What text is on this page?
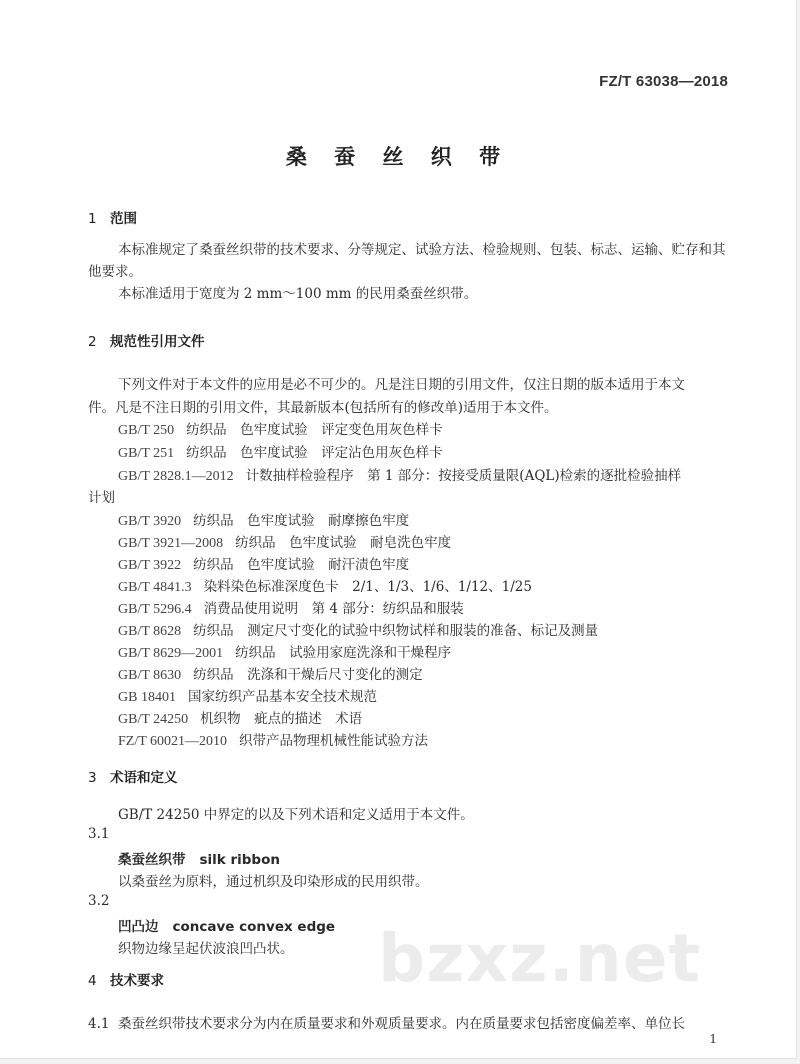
FZ/T 63038—2018
桑 蚕 丝 织 带
1 范围
本标准规定了桑蚕丝织带的技术要求、分等规定、试验方法、检验规则、包装、标志、运输、贮存和其
他要求。
本标准适用于宽度为 2 mm～100 mm 的民用桑蚕丝织带。
2 规范性引用文件
下列文件对于本文件的应用是必不可少的。凡是注日期的引用文件，仅注日期的版本适用于本文
件。凡是不注日期的引用文件，其最新版本(包括所有的修改单)适用于本文件。
GB/T 250 纺织品　色牢度试验　评定变色用灰色样卡
GB/T 251 纺织品　色牢度试验　评定沾色用灰色样卡
GB/T 2828.1—2012 计数抽样检验程序　第 1 部分：按接受质量限(AQL)检索的逐批检验抽样
计划
GB/T 3920 纺织品　色牢度试验　耐摩擦色牢度
GB/T 3921—2008 纺织品　色牢度试验　耐皂洗色牢度
GB/T 3922 纺织品　色牢度试验　耐汗渍色牢度
GB/T 4841.3 染料染色标准深度色卡　2/1、1/3、1/6、1/12、1/25
GB/T 5296.4 消费品使用说明　第 4 部分：纺织品和服装
GB/T 8628 纺织品　测定尺寸变化的试验中织物试样和服装的准备、标记及测量
GB/T 8629—2001 纺织品　试验用家庭洗涤和干燥程序
GB/T 8630 纺织品　洗涤和干燥后尺寸变化的测定
GB 18401 国家纺织产品基本安全技术规范
GB/T 24250 机织物　疵点的描述　术语
FZ/T 60021—2010 织带产品物理机械性能试验方法
3 术语和定义
GB/T 24250 中界定的以及下列术语和定义适用于本文件。
3.1
桑蚕丝织带 silk ribbon
以桑蚕丝为原料，通过机织及印染形成的民用织带。
3.2
凹凸边 concave convex edge
织物边缘呈起伏波浪凹凸状。 bzxz.net
4 技术要求
4.1 桑蚕丝织带技术要求分为内在质量要求和外观质量要求。内在质量要求包括密度偏差率、单位长
1
